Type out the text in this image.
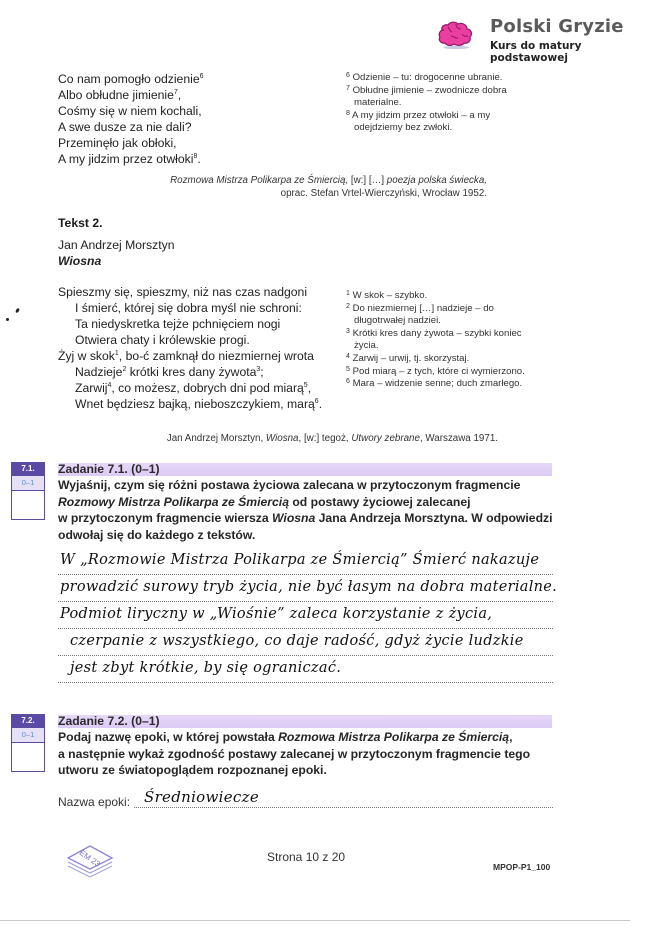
Polski Gryzie
Kurs do matury podstawowej
Co nam pomogło odzienie$^6$
Albo obłudne jimienie$^7$,
Cośmy się w niem kochali,
A swe dusze za nie dali?
Przeminęło jak obłoki,
A my jidzim przez otwłoki$^8$.
$^6$ Odzienie – tu: drogocenne ubranie.
$^7$ Obłudne jimienie – zwodnicze dobra materialne.
$^8$ A my jidzim przez otwłoki – a my odejdziemy bez zwłoki.
Rozmowa Mistrza Polikarpa ze Śmiercią, [w:] […] poezja polska świecka,
oprac. Stefan Vrtel-Wierczyński, Wrocław 1952.
Tekst 2.
Jan Andrzej Morsztyn
Wiosna
Spieszmy się, spieszmy, niż nas czas nadgoni
I śmierć, której się dobra myśl nie schroni:
Ta niedyskretka tejże pchnięciem nogi
Otwiera chaty i królewskie progi.
Żyj w skok$^1$, bo-ć zamknął do niezmiernej wrota
Nadzieje$^2$ krótki kres dany żywota$^3$;
Zarwij$^4$, co możesz, dobrych dni pod miarą$^5$,
Wnet będziesz bajką, nieboszczykiem, marą$^6$.
$^1$ W skok – szybko.
$^2$ Do niezmiernej […] nadzieje – do długotrwałej nadziei.
$^3$ Krótki kres dany żywota – szybki koniec życia.
$^4$ Zarwij – urwij, tj. skorzystaj.
$^5$ Pod miarą – z tych, które ci wymierzono.
$^6$ Mara – widzenie senne; duch zmarłego.
Jan Andrzej Morsztyn, Wiosna, [w:] tegoż, Utwory zebrane, Warszawa 1971.
7.1.
0–1
Zadanie 7.1. (0–1)
Wyjaśnij, czym się różni postawa życiowa zalecana w przytoczonym fragmencie
Rozmowy Mistrza Polikarpa ze Śmiercią od postawy życiowej zalecanej
w przytoczonym fragmencie wiersza Wiosna Jana Andrzeja Morsztyna. W odpowiedzi
odwołaj się do każdego z tekstów.
W „Rozmowie Mistrza Polikarpa ze Śmiercią” Śmierć nakazuje
prowadzić surowy tryb życia, nie być łasym na dobra materialne.
Podmiot liryczny w „Wiośnie” zaleca korzystanie z życia,
czerpanie z wszystkiego, co daje radość, gdyż życie ludzkie
jest zbyt krótkie, by się ograniczać.
7.2.
0–1
Zadanie 7.2. (0–1)
Podaj nazwę epoki, w której powstała Rozmowa Mistrza Polikarpa ze Śmiercią,
a następnie wykaż zgodność postawy zalecanej w przytoczonym fragmencie tego
utworu ze światopoglądem rozpoznanej epoki.
Nazwa epoki: Średniowiecze
EM 23	Strona 10 z 20
MPOP-P1_100
